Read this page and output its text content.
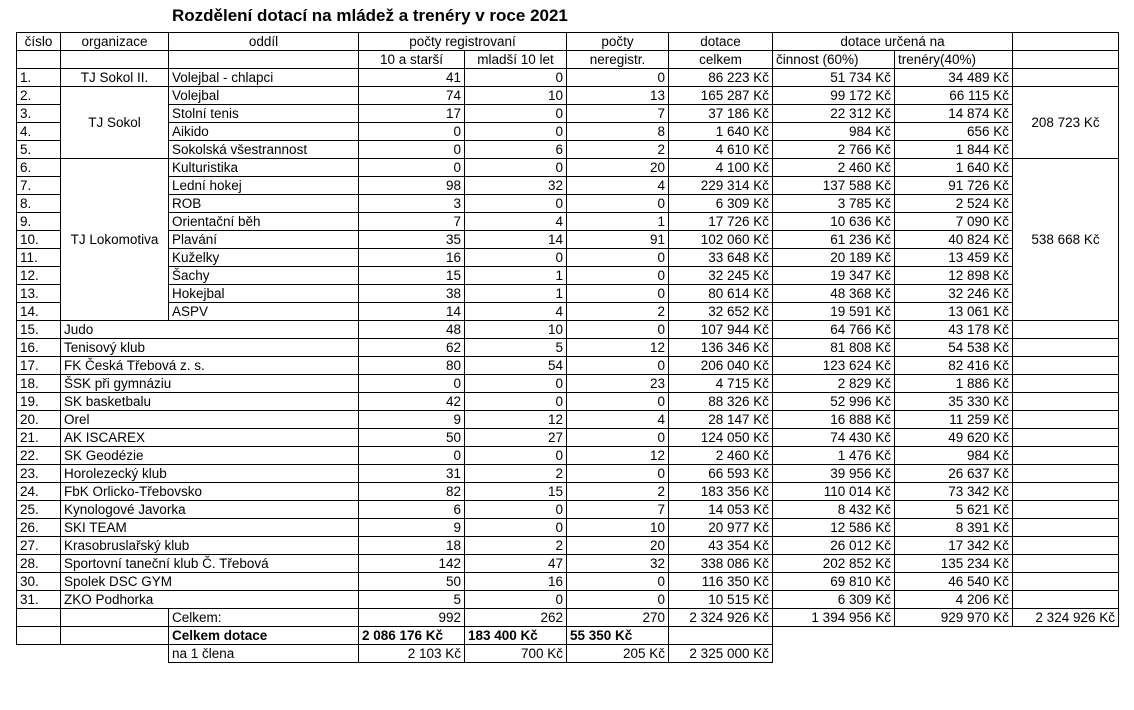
Rozdělení dotací na mládež a trenéry v roce 2021
číslo	organizace	oddíl	počty registrovaní		počty	dotace	dotace určená na		
			10 a starší	mladší 10 let	neregistr.	celkem	činnost (60%)	trenéry(40%)	
1.	TJ Sokol II.	Volejbal - chlapci	41	0	0	86 223 Kč	51 734 Kč	34 489 Kč	
2.	TJ Sokol	Volejbal	74	10	13	165 287 Kč	99 172 Kč	66 115 Kč	208 723 Kč
3.		Stolní tenis	17	0	7	37 186 Kč	22 312 Kč	14 874 Kč	
4.		Aikido	0	0	8	1 640 Kč	984 Kč	656 Kč	
5.		Sokolská všestrannost	0	6	2	4 610 Kč	2 766 Kč	1 844 Kč	
6.	TJ Lokomotiva	Kulturistika	0	0	20	4 100 Kč	2 460 Kč	1 640 Kč	538 668 Kč
7.		Lední hokej	98	32	4	229 314 Kč	137 588 Kč	91 726 Kč	
8.		ROB	3	0	0	6 309 Kč	3 785 Kč	2 524 Kč	
9.		Orientační běh	7	4	1	17 726 Kč	10 636 Kč	7 090 Kč	
10.		Plavání	35	14	91	102 060 Kč	61 236 Kč	40 824 Kč	
11.		Kuželky	16	0	0	33 648 Kč	20 189 Kč	13 459 Kč	
12.		Šachy	15	1	0	32 245 Kč	19 347 Kč	12 898 Kč	
13.		Hokejbal	38	1	0	80 614 Kč	48 368 Kč	32 246 Kč	
14.		ASPV	14	4	2	32 652 Kč	19 591 Kč	13 061 Kč	
15.	Judo		48	10	0	107 944 Kč	64 766 Kč	43 178 Kč	
16.	Tenisový klub		62	5	12	136 346 Kč	81 808 Kč	54 538 Kč	
17.	FK Česká Třebová z. s.		80	54	0	206 040 Kč	123 624 Kč	82 416 Kč	
18.	ŠSK při gymnáziu		0	0	23	4 715 Kč	2 829 Kč	1 886 Kč	
19.	SK basketbalu		42	0	0	88 326 Kč	52 996 Kč	35 330 Kč	
20.	Orel		9	12	4	28 147 Kč	16 888 Kč	11 259 Kč	
21.	AK ISCAREX		50	27	0	124 050 Kč	74 430 Kč	49 620 Kč	
22.	SK Geodézie		0	0	12	2 460 Kč	1 476 Kč	984 Kč	
23.	Horolezecký klub		31	2	0	66 593 Kč	39 956 Kč	26 637 Kč	
24.	FbK Orlicko-Třebovsko		82	15	2	183 356 Kč	110 014 Kč	73 342 Kč	
25.	Kynologové Javorka		6	0	7	14 053 Kč	8 432 Kč	5 621 Kč	
26.	SKI TEAM		9	0	10	20 977 Kč	12 586 Kč	8 391 Kč	
27.	Krasobruslařský klub		18	2	20	43 354 Kč	26 012 Kč	17 342 Kč	
28.	Sportovní taneční klub Č. Třebová		142	47	32	338 086 Kč	202 852 Kč	135 234 Kč	
30.	Spolek DSC GYM		50	16	0	116 350 Kč	69 810 Kč	46 540 Kč	
31.	ZKO Podhorka		5	0	0	10 515 Kč	6 309 Kč	4 206 Kč	
		Celkem:	992	262	270	2 324 926 Kč	1 394 956 Kč	929 970 Kč	2 324 926 Kč
		Celkem dotace	2 086 176 Kč	183 400 Kč	55 350 Kč				
		na 1 člena	2 103 Kč	700 Kč	205 Kč	2 325 000 Kč			
